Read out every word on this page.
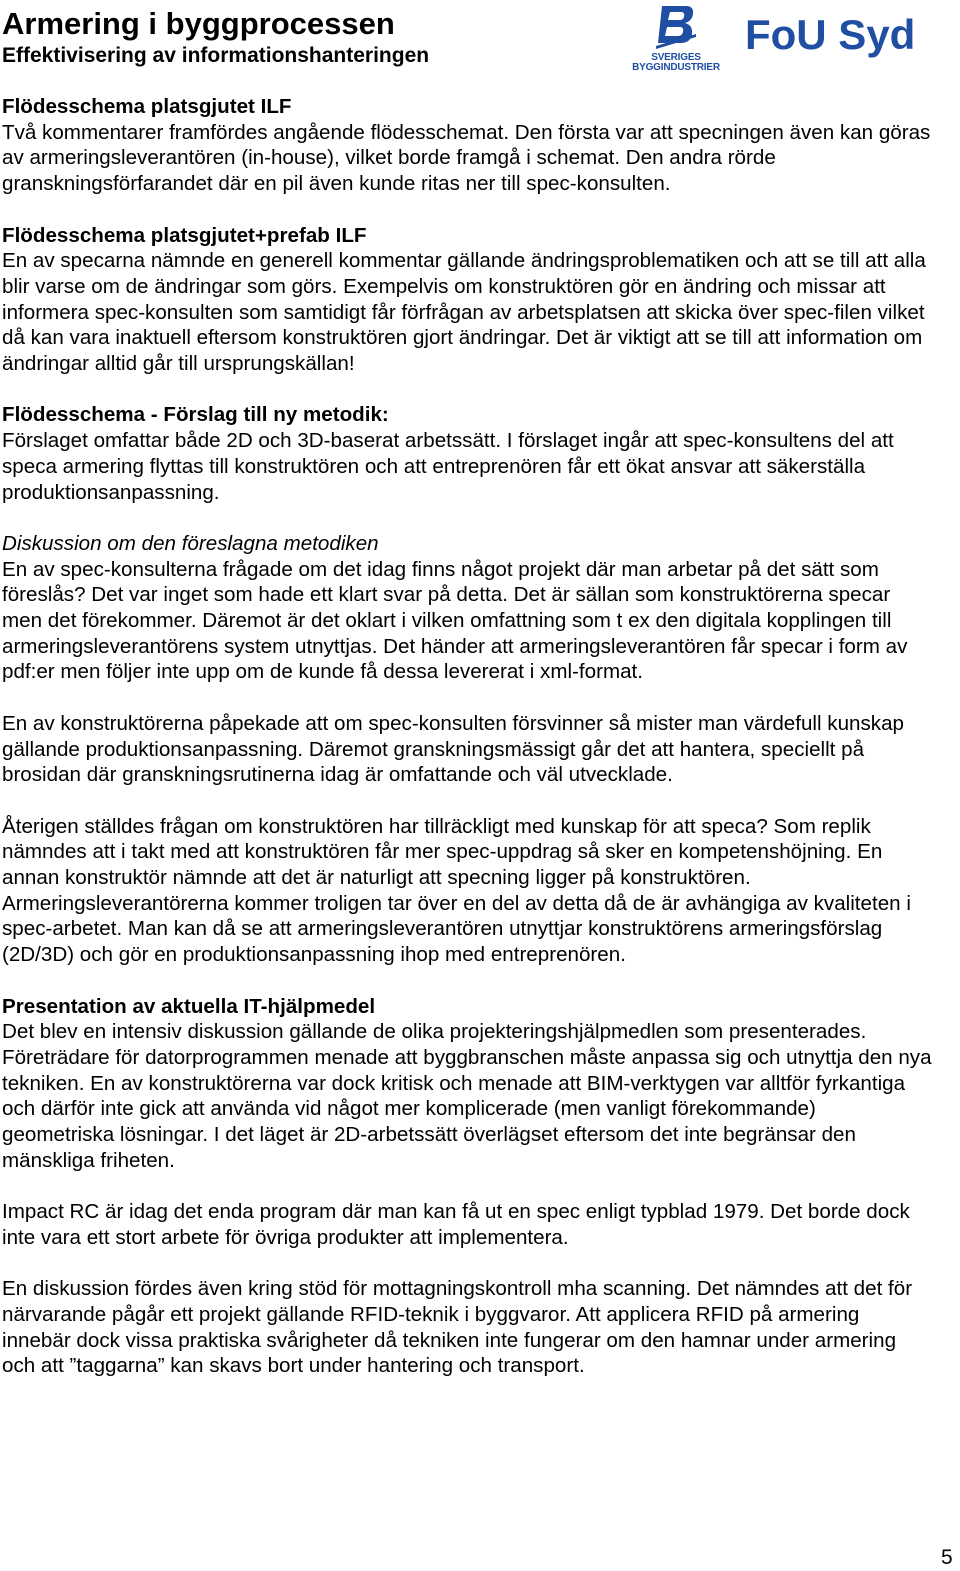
Armering i byggprocessen
Effektivisering av informationshanteringen	SVERIGES
BYGGINDUSTRIER
FoU Syd
Flödesschema platsgjutet ILF

Två kommentarer framfördes angående flödesschemat. Den första var att specningen även kan göras av armeringsleverantören (in-house), vilket borde framgå i schemat. Den andra rörde granskningsförfarandet där en pil även kunde ritas ner till spec-konsulten.

Flödesschema platsgjutet+prefab ILF

En av specarna nämnde en generell kommentar gällande ändringsproblematiken och att se till att alla blir varse om de ändringar som görs. Exempelvis om konstruktören gör en ändring och missar att informera spec-konsulten som samtidigt får förfrågan av arbetsplatsen att skicka över spec-filen vilket då kan vara inaktuell eftersom konstruktören gjort ändringar. Det är viktigt att se till att information om ändringar alltid går till ursprungskällan!

Flödesschema - Förslag till ny metodik:

Förslaget omfattar både 2D och 3D-baserat arbetssätt. I förslaget ingår att spec-konsultens del att speca armering flyttas till konstruktören och att entreprenören får ett ökat ansvar att säkerställa produktionsanpassning.

Diskussion om den föreslagna metodiken

En av spec-konsulterna frågade om det idag finns något projekt där man arbetar på det sätt som föreslås? Det var inget som hade ett klart svar på detta. Det är sällan som konstruktörerna specar men det förekommer. Däremot är det oklart i vilken omfattning som t ex den digitala kopplingen till armeringsleverantörens system utnyttjas. Det händer att armeringsleverantören får specar i form av pdf:er men följer inte upp om de kunde få dessa levererat i xml-format.

En av konstruktörerna påpekade att om spec-konsulten försvinner så mister man värdefull kunskap gällande produktionsanpassning. Däremot granskningsmässigt går det att hantera, speciellt på brosidan där granskningsrutinerna idag är omfattande och väl utvecklade.

Återigen ställdes frågan om konstruktören har tillräckligt med kunskap för att speca? Som replik nämndes att i takt med att konstruktören får mer spec-uppdrag så sker en kompetenshöjning. En annan konstruktör nämnde att det är naturligt att specning ligger på konstruktören. Armeringsleverantörerna kommer troligen tar över en del av detta då de är avhängiga av kvaliteten i spec-arbetet. Man kan då se att armeringsleverantören utnyttjar konstruktörens armeringsförslag (2D/3D) och gör en produktionsanpassning ihop med entreprenören.

Presentation av aktuella IT-hjälpmedel

Det blev en intensiv diskussion gällande de olika projekteringshjälpmedlen som presenterades. Företrädare för datorprogrammen menade att byggbranschen måste anpassa sig och utnyttja den nya tekniken. En av konstruktörerna var dock kritisk och menade att BIM-verktygen var alltför fyrkantiga och därför inte gick att använda vid något mer komplicerade (men vanligt förekommande) geometriska lösningar. I det läget är 2D-arbetssätt överlägset eftersom det inte begränsar den mänskliga friheten.

Impact RC är idag det enda program där man kan få ut en spec enligt typblad 1979. Det borde dock inte vara ett stort arbete för övriga produkter att implementera.

En diskussion fördes även kring stöd för mottagningskontroll mha scanning. Det nämndes att det för närvarande pågår ett projekt gällande RFID-teknik i byggvaror. Att applicera RFID på armering innebär dock vissa praktiska svårigheter då tekniken inte fungerar om den hamnar under armering och att ”taggarna” kan skavs bort under hantering och transport.

5
